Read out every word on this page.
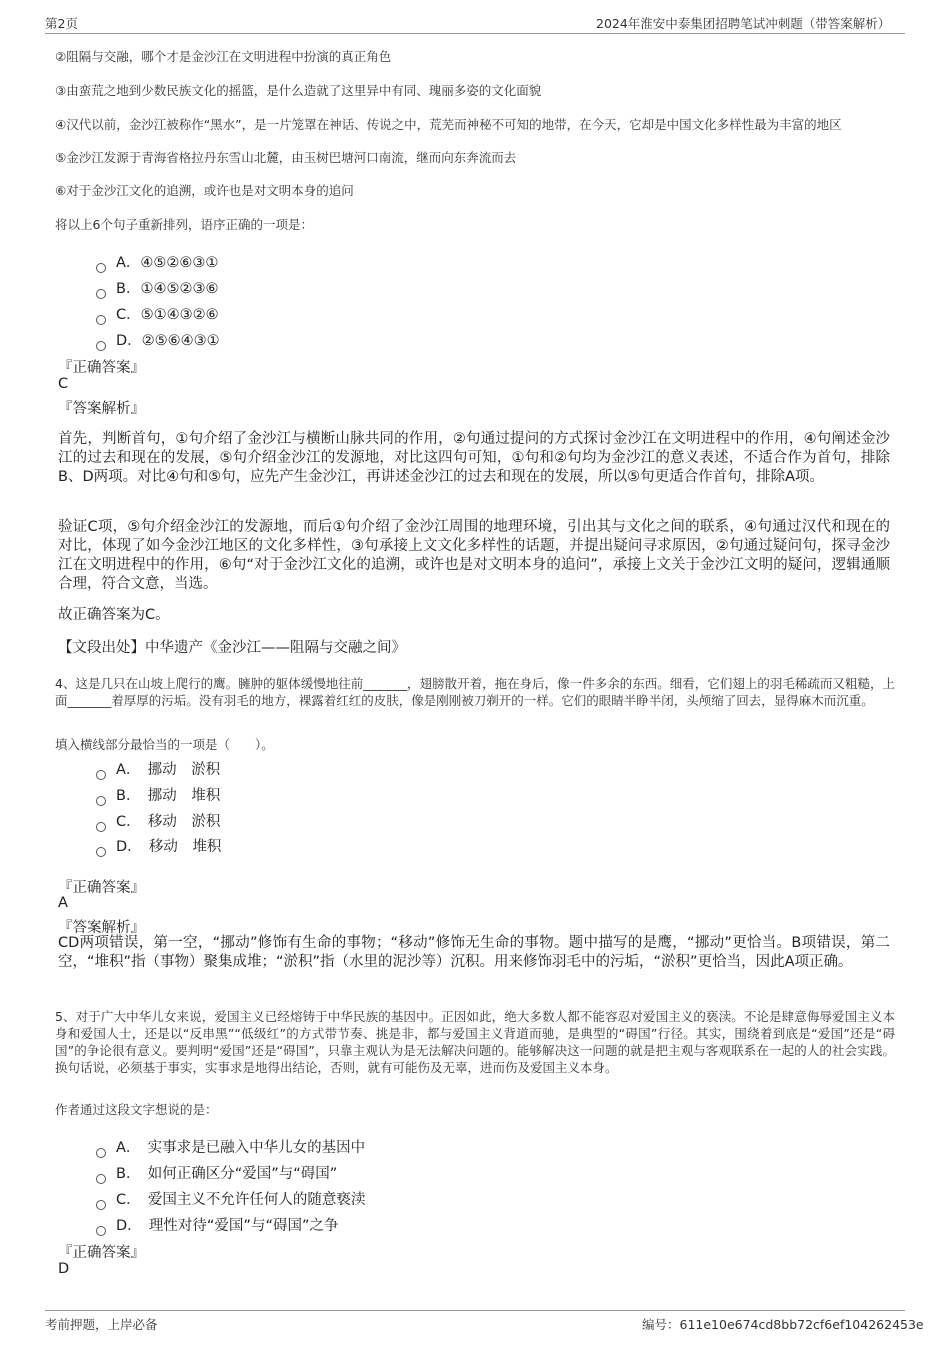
第2页	2024年淮安中泰集团招聘笔试冲刺题（带答案解析）
②阻隔与交融，哪个才是金沙江在文明进程中扮演的真正角色
③由蛮荒之地到少数民族文化的摇篮，是什么造就了这里异中有同、瑰丽多姿的文化面貌
④汉代以前，金沙江被称作“黑水”，是一片笼罩在神话、传说之中，荒芜而神秘不可知的地带，在今天，它却是中国文化多样性最为丰富的地区
⑤金沙江发源于青海省格拉丹东雪山北麓，由玉树巴塘河口南流，继而向东奔流而去
⑥对于金沙江文化的追溯，或许也是对文明本身的追问
将以上6个句子重新排列，语序正确的一项是：
A．④⑤②⑥③①
B．①④⑤②③⑥
C．⑤①④③②⑥
D．②⑤⑥④③①
『正确答案』
C
『答案解析』
首先，判断首句，①句介绍了金沙江与横断山脉共同的作用，②句通过提问的方式探讨金沙江在文明进程中的作用，④句阐述金沙江的过去和现在的发展，⑤句介绍金沙江的发源地，对比这四句可知，①句和②句均为金沙江的意义表述，不适合作为首句，排除B、D两项。对比④句和⑤句，应先产生金沙江，再讲述金沙江的过去和现在的发展，所以⑤句更适合作首句，排除A项。
验证C项，⑤句介绍金沙江的发源地，而后①句介绍了金沙江周围的地理环境，引出其与文化之间的联系，④句通过汉代和现在的对比，体现了如今金沙江地区的文化多样性，③句承接上文文化多样性的话题，并提出疑问寻求原因，②句通过疑问句，探寻金沙江在文明进程中的作用，⑥句“对于金沙江文化的追溯，或许也是对文明本身的追问”，承接上文关于金沙江文明的疑问，逻辑通顺合理，符合文意，当选。
故正确答案为C。
【文段出处】中华遗产《金沙江——阻隔与交融之间》
4、这是几只在山坡上爬行的鹰。臃肿的躯体缓慢地往前_______，翅膀散开着，拖在身后，像一件多余的东西。细看，它们翅上的羽毛稀疏而又粗糙，上面_______着厚厚的污垢。没有羽毛的地方，裸露着红红的皮肤，像是刚刚被刀剃开的一样。它们的眼睛半睁半闭，头颅缩了回去，显得麻木而沉重。
填入横线部分最恰当的一项是（　　）。
A．　挪动　淤积
B．　挪动　堆积
C．　移动　淤积
D．　移动　堆积
『正确答案』
A
『答案解析』
CD两项错误，第一空，“挪动”修饰有生命的事物；“移动”修饰无生命的事物。题中描写的是鹰，“挪动”更恰当。B项错误，第二空，“堆积”指（事物）聚集成堆；“淤积”指（水里的泥沙等）沉积。用来修饰羽毛中的污垢，“淤积”更恰当，因此A项正确。
5、对于广大中华儿女来说，爱国主义已经熔铸于中华民族的基因中。正因如此，绝大多数人都不能容忍对爱国主义的亵渎。不论是肆意侮辱爱国主义本身和爱国人士，还是以“反串黑”“低级红”的方式带节奏、挑是非，都与爱国主义背道而驰，是典型的“碍国”行径。其实，围绕着到底是“爱国”还是“碍国”的争论很有意义。要判明“爱国”还是“碍国”，只靠主观认为是无法解决问题的。能够解决这一问题的就是把主观与客观联系在一起的人的社会实践。换句话说，必须基于事实，实事求是地得出结论，否则，就有可能伤及无辜，进而伤及爱国主义本身。
作者通过这段文字想说的是：
A．　实事求是已融入中华儿女的基因中
B．　如何正确区分“爱国”与“碍国”
C．　爱国主义不允许任何人的随意亵渎
D．　理性对待“爱国”与“碍国”之争
『正确答案』
D
考前押题，上岸必备	编号：611e10e674cd8bb72cf6ef104262453e
